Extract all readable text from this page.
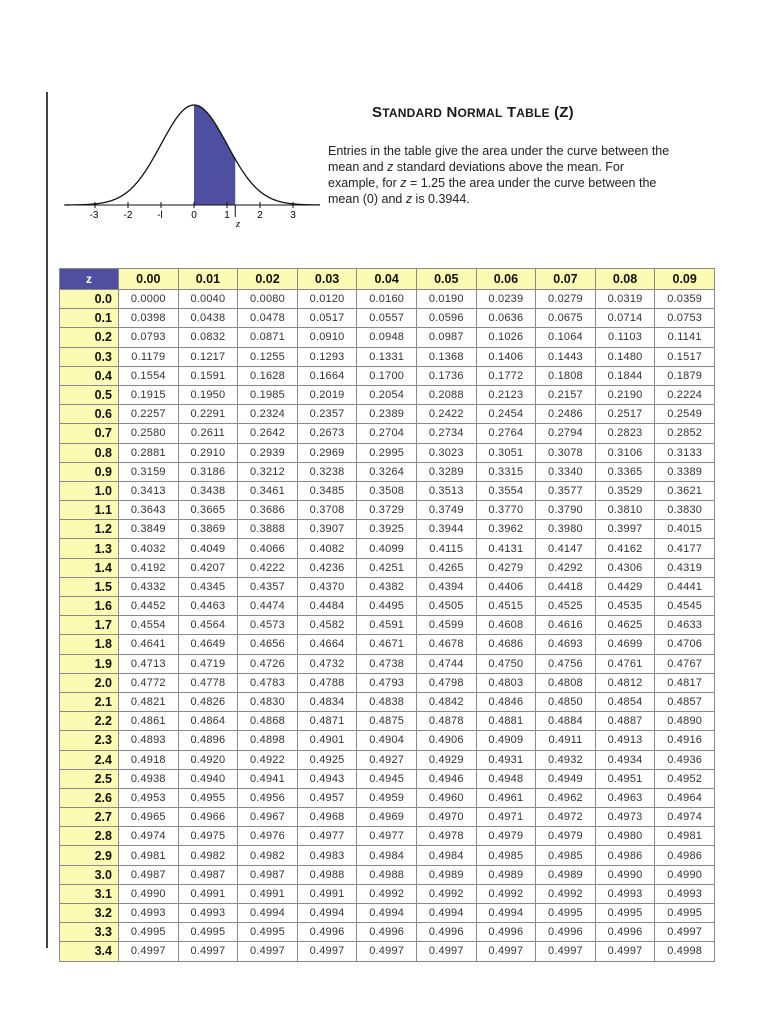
-3	-2 -l	0	1	2	3
z
STANDARD NORMAL TABLE (Z)

Entries in the table give the area under the curve between the mean and z standard deviations above the mean. For example, for z = 1.25 the area under the curve between the mean (0) and z is 0.3944.

z	0.00	0.01	0.02	0.03	0.04	0.05	0.06	0.07	0.08	0.09
0.0	0.0000	0.0040	0.0080	0.0120	0.0160	0.0190	0.0239	0.0279	0.0319	0.0359
0.1	0.0398	0.0438	0.0478	0.0517	0.0557	0.0596	0.0636	0.0675	0.0714	0.0753
0.2	0.0793	0.0832	0.0871	0.0910	0.0948	0.0987	0.1026	0.1064	0.1103	0.1141
0.3	0.1179	0.1217	0.1255	0.1293	0.1331	0.1368	0.1406	0.1443	0.1480	0.1517
0.4	0.1554	0.1591	0.1628	0.1664	0.1700	0.1736	0.1772	0.1808	0.1844	0.1879
0.5	0.1915	0.1950	0.1985	0.2019	0.2054	0.2088	0.2123	0.2157	0.2190	0.2224
0.6	0.2257	0.2291	0.2324	0.2357	0.2389	0.2422	0.2454	0.2486	0.2517	0.2549
0.7	0.2580	0.2611	0.2642	0.2673	0.2704	0.2734	0.2764	0.2794	0.2823	0.2852
0.8	0.2881	0.2910	0.2939	0.2969	0.2995	0.3023	0.3051	0.3078	0.3106	0.3133
0.9	0.3159	0.3186	0.3212	0.3238	0.3264	0.3289	0.3315	0.3340	0.3365	0.3389
1.0	0.3413	0.3438	0.3461	0.3485	0.3508	0.3513	0.3554	0.3577	0.3529	0.3621
1.1	0.3643	0.3665	0.3686	0.3708	0.3729	0.3749	0.3770	0.3790	0.3810	0.3830
1.2	0.3849	0.3869	0.3888	0.3907	0.3925	0.3944	0.3962	0.3980	0.3997	0.4015
1.3	0.4032	0.4049	0.4066	0.4082	0.4099	0.4115	0.4131	0.4147	0.4162	0.4177
1.4	0.4192	0.4207	0.4222	0.4236	0.4251	0.4265	0.4279	0.4292	0.4306	0.4319
1.5	0.4332	0.4345	0.4357	0.4370	0.4382	0.4394	0.4406	0.4418	0.4429	0.4441
1.6	0.4452	0.4463	0.4474	0.4484	0.4495	0.4505	0.4515	0.4525	0.4535	0.4545
1.7	0.4554	0.4564	0.4573	0.4582	0.4591	0.4599	0.4608	0.4616	0.4625	0.4633
1.8	0.4641	0.4649	0.4656	0.4664	0.4671	0.4678	0.4686	0.4693	0.4699	0.4706
1.9	0.4713	0.4719	0.4726	0.4732	0.4738	0.4744	0.4750	0.4756	0.4761	0.4767
2.0	0.4772	0.4778	0.4783	0.4788	0.4793	0.4798	0.4803	0.4808	0.4812	0.4817
2.1	0.4821	0.4826	0.4830	0.4834	0.4838	0.4842	0.4846	0.4850	0.4854	0.4857
2.2	0.4861	0.4864	0.4868	0.4871	0.4875	0.4878	0.4881	0.4884	0.4887	0.4890
2.3	0.4893	0.4896	0.4898	0.4901	0.4904	0.4906	0.4909	0.4911	0.4913	0.4916
2.4	0.4918	0.4920	0.4922	0.4925	0.4927	0.4929	0.4931	0.4932	0.4934	0.4936
2.5	0.4938	0.4940	0.4941	0.4943	0.4945	0.4946	0.4948	0.4949	0.4951	0.4952
2.6	0.4953	0.4955	0.4956	0.4957	0.4959	0.4960	0.4961	0.4962	0.4963	0.4964
2.7	0.4965	0.4966	0.4967	0.4968	0.4969	0.4970	0.4971	0.4972	0.4973	0.4974
2.8	0.4974	0.4975	0.4976	0.4977	0.4977	0.4978	0.4979	0.4979	0.4980	0.4981
2.9	0.4981	0.4982	0.4982	0.4983	0.4984	0.4984	0.4985	0.4985	0.4986	0.4986
3.0	0.4987	0.4987	0.4987	0.4988	0.4988	0.4989	0.4989	0.4989	0.4990	0.4990
3.1	0.4990	0.4991	0.4991	0.4991	0.4992	0.4992	0.4992	0.4992	0.4993	0.4993
3.2	0.4993	0.4993	0.4994	0.4994	0.4994	0.4994	0.4994	0.4995	0.4995	0.4995
3.3	0.4995	0.4995	0.4995	0.4996	0.4996	0.4996	0.4996	0.4996	0.4996	0.4997
3.4	0.4997	0.4997	0.4997	0.4997	0.4997	0.4997	0.4997	0.4997	0.4997	0.4998
